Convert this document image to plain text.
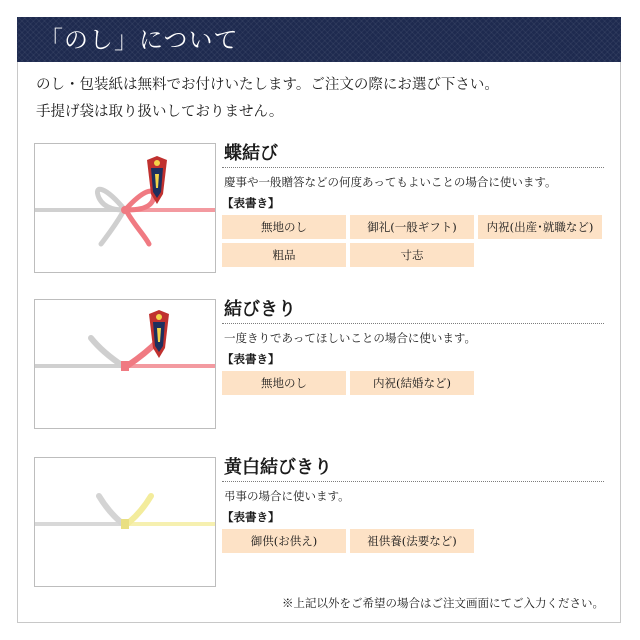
「のし」について
のし・包装紙は無料でお付けいたします。ご注文の際にお選び下さい。
手提げ袋は取り扱いしておりません。
蝶結び
慶事や一般贈答などの何度あってもよいことの場合に使います。
【表書き】
無地のし	御礼(一般ギフト)	内祝(出産･就職など)
粗品	寸志
結びきり
一度きりであってほしいことの場合に使います。
【表書き】
無地のし	内祝(結婚など)
黄白結びきり
弔事の場合に使います。
【表書き】
御供(お供え)	祖供養(法要など)
※上記以外をご希望の場合はご注文画面にてご入力ください。
